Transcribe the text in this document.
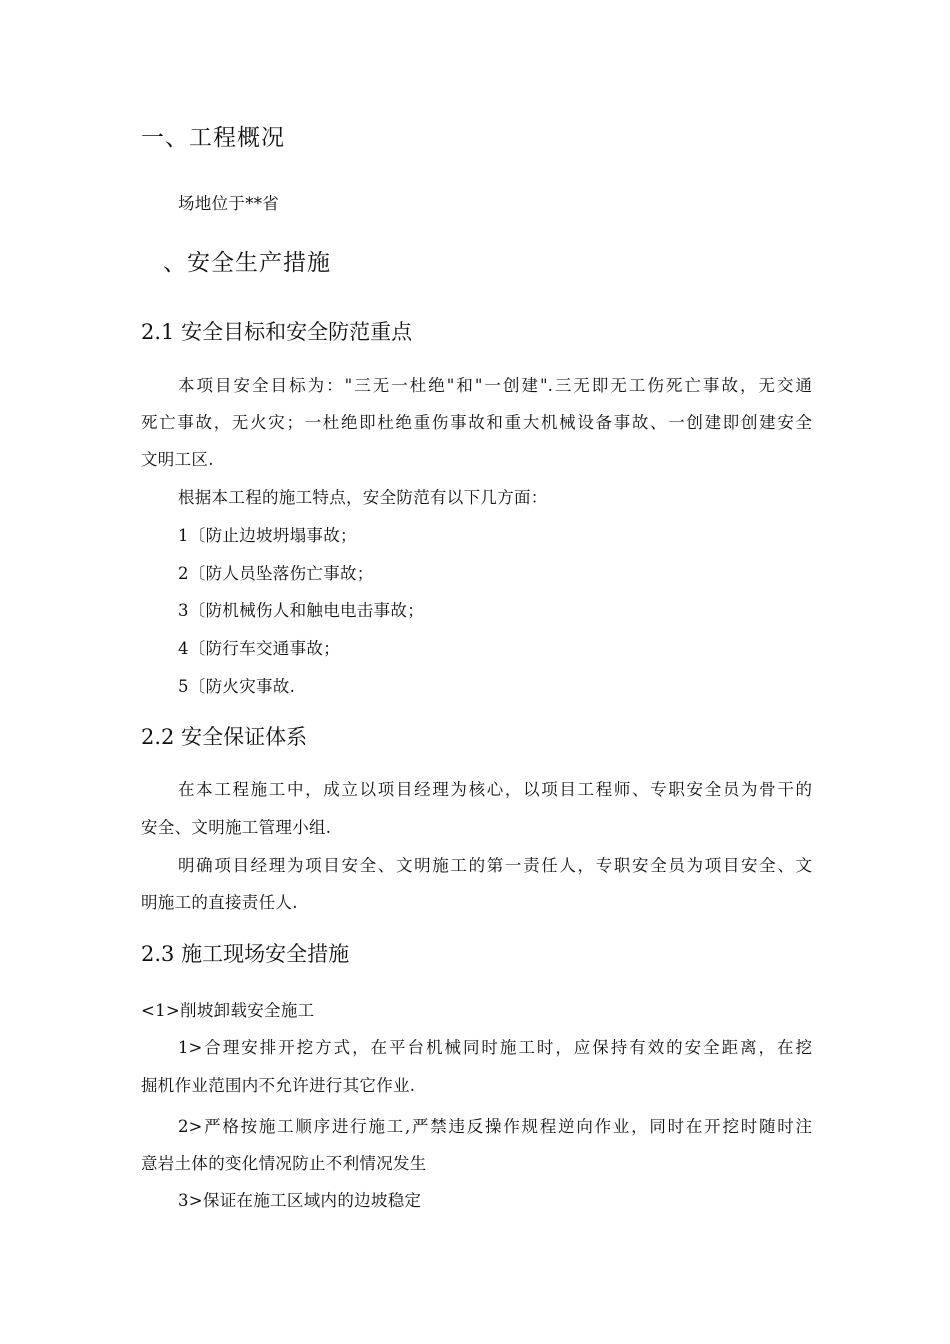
一、工程概况
场地位于**省
、安全生产措施
2.1 安全目标和安全防范重点
本项目安全目标为："三无一杜绝"和"一创建".三无即无工伤死亡事故，无交通
死亡事故，无火灾；一杜绝即杜绝重伤事故和重大机械设备事故、一创建即创建安全
文明工区.
根据本工程的施工特点，安全防范有以下几方面：
1〔防止边坡坍塌事故；
2〔防人员坠落伤亡事故；
3〔防机械伤人和触电电击事故；
4〔防行车交通事故；
5〔防火灾事故.
2.2 安全保证体系
在本工程施工中，成立以项目经理为核心，以项目工程师、专职安全员为骨干的
安全、文明施工管理小组.
明确项目经理为项目安全、文明施工的第一责任人，专职安全员为项目安全、文
明施工的直接责任人.
2.3 施工现场安全措施
<1>削坡卸载安全施工
1>合理安排开挖方式，在平台机械同时施工时，应保持有效的安全距离，在挖
掘机作业范围内不允许进行其它作业.
2>严格按施工顺序进行施工,严禁违反操作规程逆向作业，同时在开挖时随时注
意岩土体的变化情况防止不利情况发生
3>保证在施工区域内的边坡稳定
